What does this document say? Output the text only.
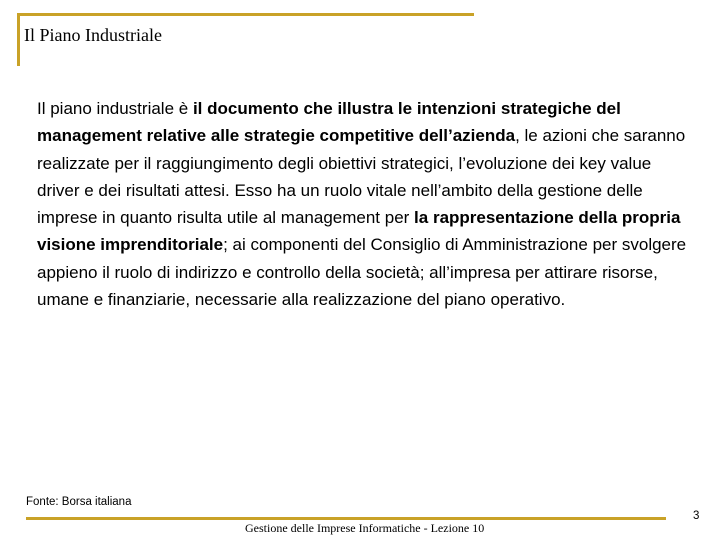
Il Piano Industriale

Il piano industriale è il documento che illustra le intenzioni strategiche del management relative alle strategie competitive dell’azienda, le azioni che saranno realizzate per il raggiungimento degli obiettivi strategici, l’evoluzione dei key value driver e dei risultati attesi. Esso ha un ruolo vitale nell’ambito della gestione delle imprese in quanto risulta utile al management per la rappresentazione della propria visione imprenditoriale; ai componenti del Consiglio di Amministrazione per svolgere appieno il ruolo di indirizzo e controllo della società; all’impresa per attirare risorse, umane e finanziarie, necessarie alla realizzazione del piano operativo.

Fonte: Borsa italiana

Gestione delle Imprese Informatiche - Lezione 10

3
